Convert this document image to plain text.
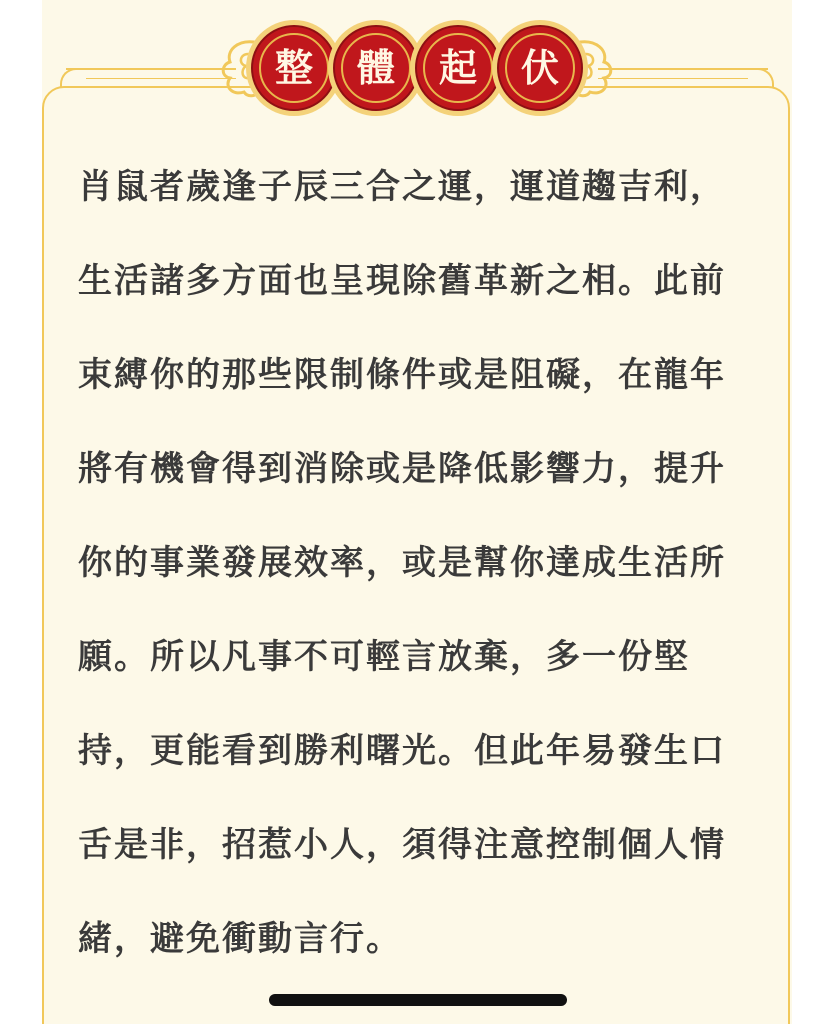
整	體	起	伏
肖鼠者歲逢子辰三合之運，運道趨吉利，
生活諸多方面也呈現除舊革新之相。此前
束縛你的那些限制條件或是阻礙，在龍年
將有機會得到消除或是降低影響力，提升
你的事業發展效率，或是幫你達成生活所
願。所以凡事不可輕言放棄，多一份堅
持，更能看到勝利曙光。但此年易發生口
舌是非，招惹小人，須得注意控制個人情
緒，避免衝動言行。
